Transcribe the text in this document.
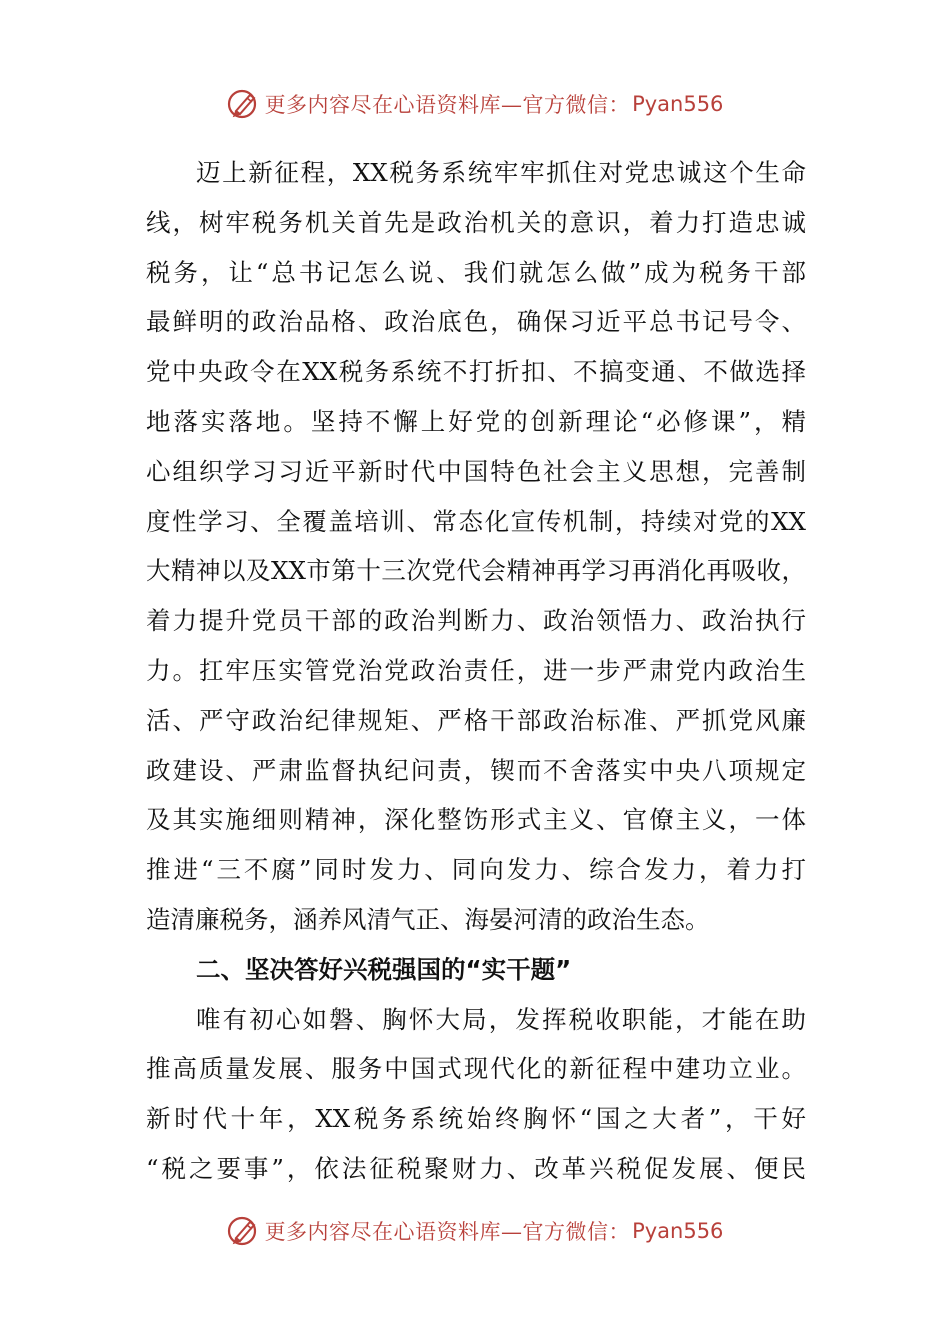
更多内容尽在心语资料库—官方微信： Pyan556
迈上新征程，XX税务系统牢牢抓住对党忠诚这个生命
线，树牢税务机关首先是政治机关的意识，着力打造忠诚
税务，让“总书记怎么说、我们就怎么做”成为税务干部
最鲜明的政治品格、政治底色，确保习近平总书记号令、
党中央政令在XX税务系统不打折扣、不搞变通、不做选择
地落实落地。坚持不懈上好党的创新理论“必修课”，精
心组织学习习近平新时代中国特色社会主义思想，完善制
度性学习、全覆盖培训、常态化宣传机制，持续对党的XX
大精神以及XX市第十三次党代会精神再学习再消化再吸收，
着力提升党员干部的政治判断力、政治领悟力、政治执行
力。扛牢压实管党治党政治责任，进一步严肃党内政治生
活、严守政治纪律规矩、严格干部政治标准、严抓党风廉
政建设、严肃监督执纪问责，锲而不舍落实中央八项规定
及其实施细则精神，深化整饬形式主义、官僚主义，一体
推进“三不腐”同时发力、同向发力、综合发力，着力打
造清廉税务，涵养风清气正、海晏河清的政治生态。
二、坚决答好兴税强国的“实干题”
唯有初心如磐、胸怀大局，发挥税收职能，才能在助
推高质量发展、服务中国式现代化的新征程中建功立业。
新时代十年，XX税务系统始终胸怀“国之大者”，干好
“税之要事”，依法征税聚财力、改革兴税促发展、便民
更多内容尽在心语资料库—官方微信： Pyan556
